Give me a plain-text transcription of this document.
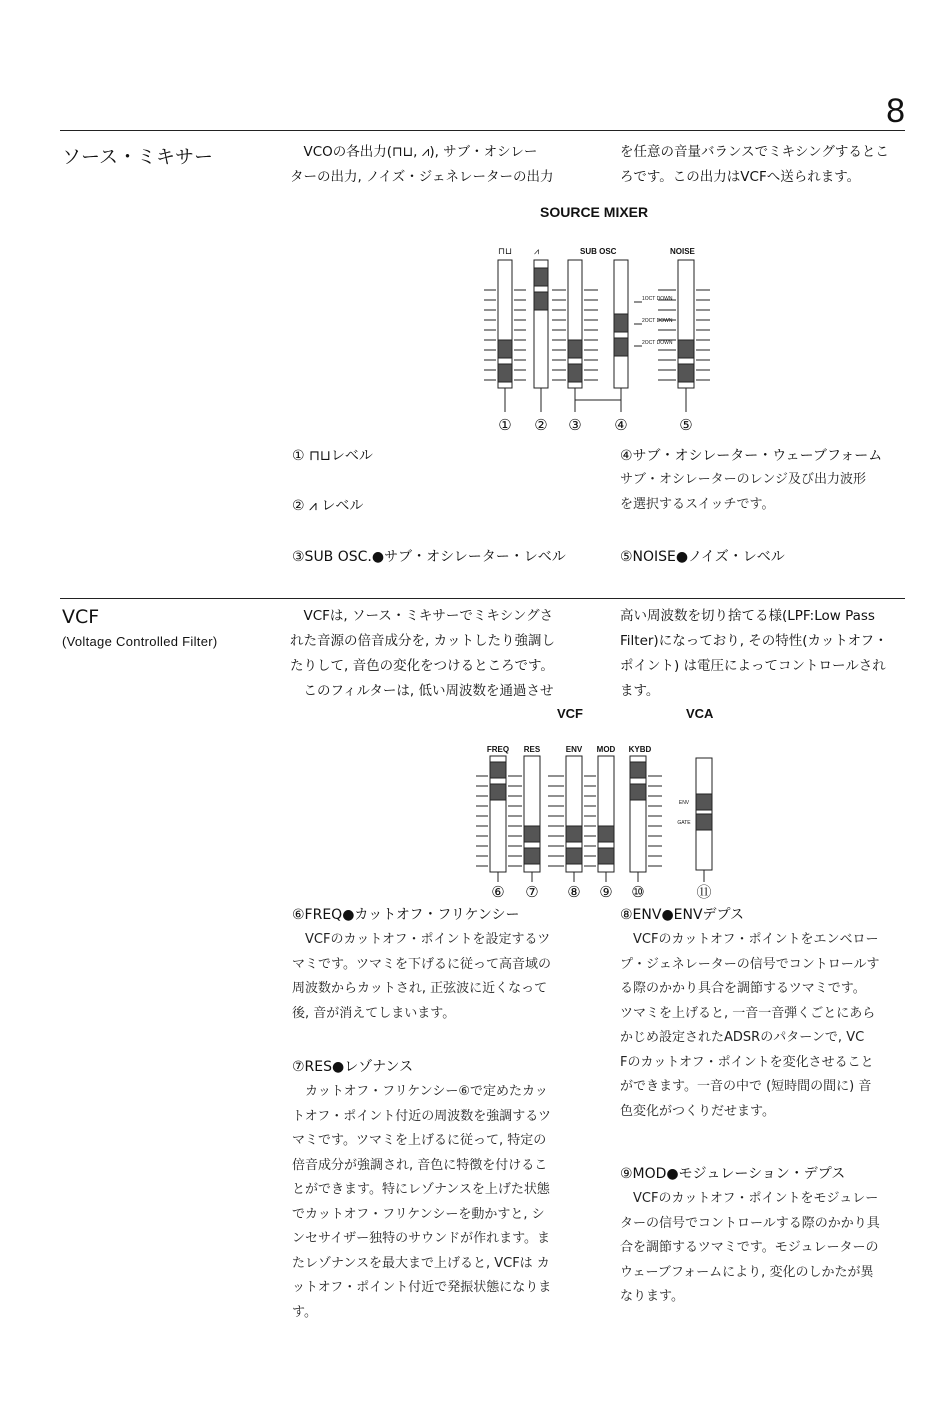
8
ソース・ミキサー	　VCOの各出力(⊓⊔, ⩘), サブ・オシレー
ターの出力, ノイズ・ジェネレーターの出力
を任意の音量バランスでミキシングするとこ
ろです。この出力はVCFへ送られます。
SOURCE MIXER
⊓⊔ ⩘	SUB OSC	NOISE
1OCT DOWN
2OCT DOWN
2OCT DOWN
① ② ③ ④	⑤
① ⊓⊔レベル
② ⩘ レベル
③SUB OSC.●サブ・オシレーター・レベル
④サブ・オシレーター・ウェーブフォーム
サブ・オシレーターのレンジ及び出力波形
を選択するスイッチです。
⑤NOISE●ノイズ・レベル
VCF
(Voltage Controlled Filter)
　VCFは, ソース・ミキサーでミキシングさ
れた音源の倍音成分を, カットしたり強調し
たりして, 音色の変化をつけるところです。
　このフィルターは, 低い周波数を通過させ
高い周波数を切り捨てる様(LPF:Low Pass
Filter)になっており, その特性(カットオフ・
ポイント) は電圧によってコントロールされ
ます。
VCF	VCA
FREQ RES	ENV MOD KYBD
ENV
GATE
⑥ ⑦ ⑧ ⑨ ⑩	⑪
⑥FREQ●カットオフ・フリケンシー
　VCFのカットオフ・ポイントを設定するツ
マミです。ツマミを下げるに従って高音域の
周波数からカットされ, 正弦波に近くなって
後, 音が消えてしまいます。
⑦RES●レゾナンス
　カットオフ・フリケンシー⑥で定めたカッ
トオフ・ポイント付近の周波数を強調するツ
マミです。ツマミを上げるに従って, 特定の
倍音成分が強調され, 音色に特徴を付けるこ
とができます。特にレゾナンスを上げた状態
でカットオフ・フリケンシーを動かすと, シ
ンセサイザー独特のサウンドが作れます。ま
たレゾナンスを最大まで上げると, VCFは カ
ットオフ・ポイント付近で発振状態になりま
す。
⑧ENV●ENVデプス
　VCFのカットオフ・ポイントをエンベロー
プ・ジェネレーターの信号でコントロールす
る際のかかり具合を調節するツマミです。
ツマミを上げると, 一音一音弾くごとにあら
かじめ設定されたADSRのパターンで, VC
Fのカットオフ・ポイントを変化させること
ができます。一音の中で (短時間の間に) 音
色変化がつくりだせます。
⑨MOD●モジュレーション・デプス
　VCFのカットオフ・ポイントをモジュレー
ターの信号でコントロールする際のかかり具
合を調節するツマミです。モジュレーターの
ウェーブフォームにより, 変化のしかたが異
なります。
